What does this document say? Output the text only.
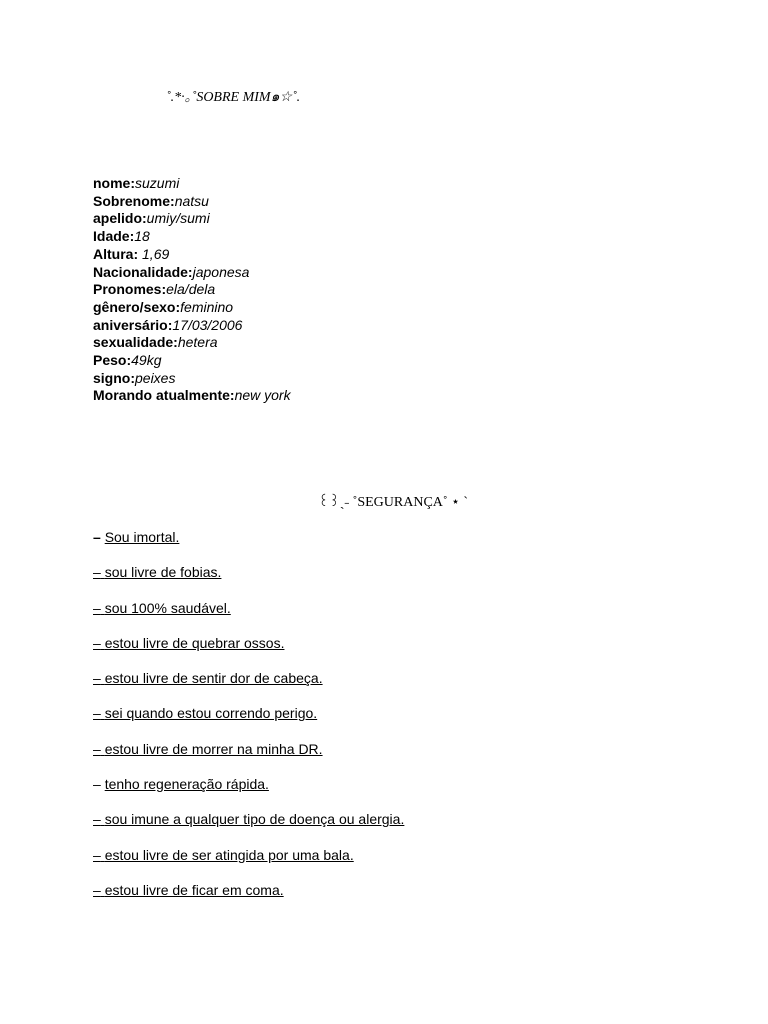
˚.*·｡˚SOBRE MIM๑☆˚.
nome:suzumi
Sobrenome:natsu
apelido:umiy/sumi
Idade:18
Altura: 1,69
Nacionalidade:japonesa
Pronomes:ela/dela
gênero/sexo:feminino
aniversário:17/03/2006
sexualidade:hetera
Peso:49kg
signo:peixes
Morando atualmente:new york
꒰꒱ˎ˗ ˚SEGURANÇA˚ ⋆ ˋ
– Sou imortal.
– sou livre de fobias.
– sou 100% saudável.
– estou livre de quebrar ossos.
– estou livre de sentir dor de cabeça.
– sei quando estou correndo perigo.
– estou livre de morrer na minha DR.
– tenho regeneração rápida.
– sou imune a qualquer tipo de doença ou alergia.
– estou livre de ser atingida por uma bala.
– estou livre de ficar em coma.
